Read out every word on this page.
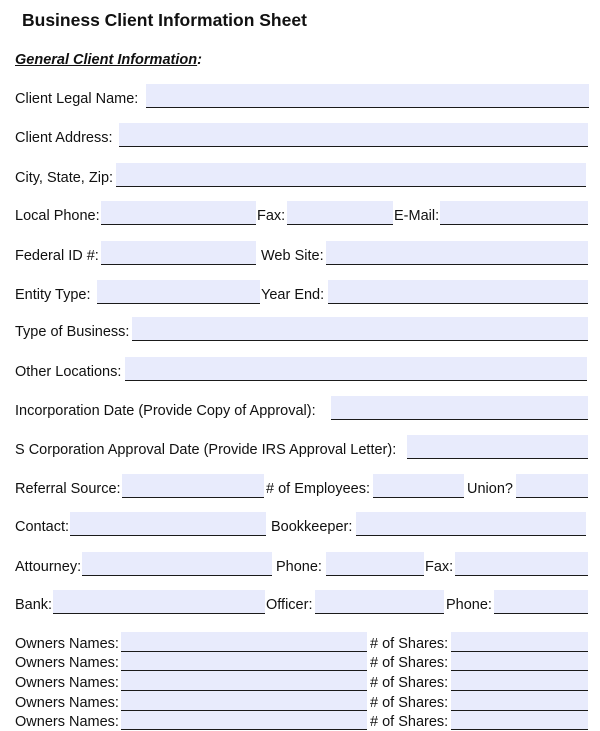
Business Client Information Sheet
General Client Information:
Client Legal Name:
Client Address:
City, State, Zip:
Local Phone:	Fax:	E-Mail:
Federal ID #:	Web Site:
Entity Type:	Year End:
Type of Business:
Other Locations:
Incorporation Date (Provide Copy of Approval):
S Corporation Approval Date (Provide IRS Approval Letter):
Referral Source:	# of Employees:	Union?
Contact:	Bookkeeper:
Attourney:	Phone:	Fax:
Bank:	Officer:	Phone:
Owners Names:	# of Shares:
Owners Names:	# of Shares:
Owners Names:	# of Shares:
Owners Names:	# of Shares:
Owners Names:	# of Shares:
